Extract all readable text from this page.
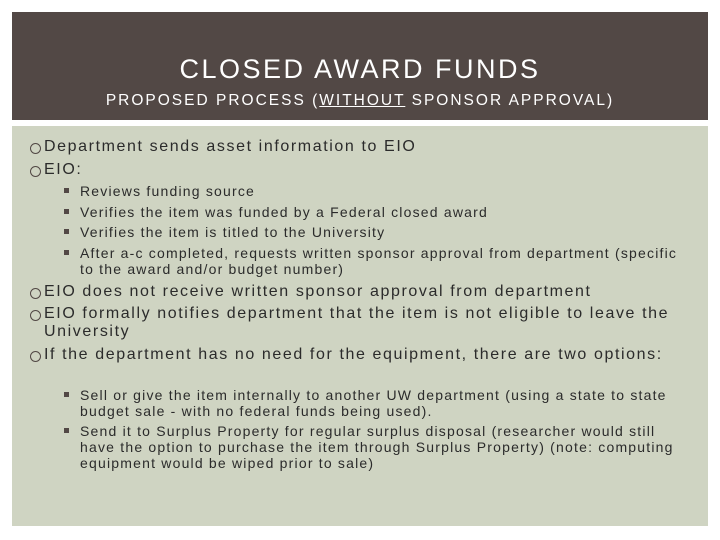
CLOSED AWARD FUNDS
PROPOSED PROCESS (WITHOUT SPONSOR APPROVAL)
Department sends asset information to EIO
EIO:
Reviews funding source
Verifies the item was funded by a Federal closed award
Verifies the item is titled to the University
After a-c completed, requests written sponsor approval from department (specific to the award and/or budget number)
EIO does not receive written sponsor approval from department
EIO formally notifies department that the item is not eligible to leave the University
If the department has no need for the equipment, there are two options:
Sell or give the item internally to another UW department (using a state to state budget sale - with no federal funds being used).
Send it to Surplus Property for regular surplus disposal (researcher would still have the option to purchase the item through Surplus Property) (note: computing equipment would be wiped prior to sale)
